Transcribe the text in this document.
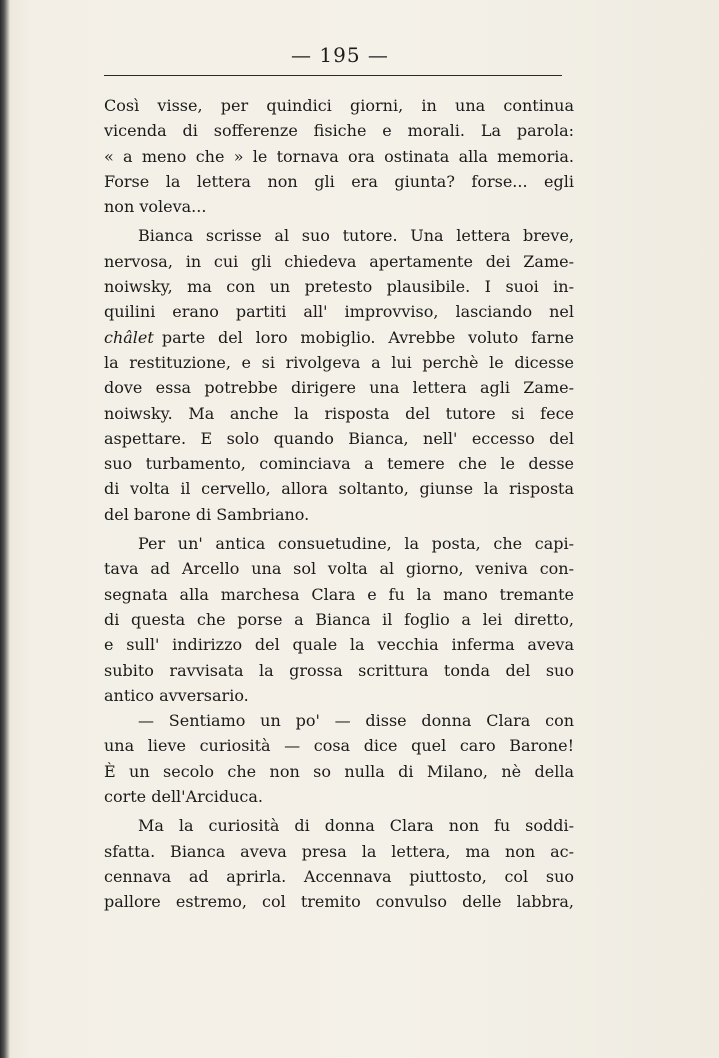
— 195 —
Così visse, per quindici giorni, in una continua
vicenda di sofferenze fisiche e morali. La parola:
« a meno che » le tornava ora ostinata alla memoria.
Forse la lettera non gli era giunta? forse... egli
non voleva...
Bianca scrisse al suo tutore. Una lettera breve,
nervosa, in cui gli chiedeva apertamente dei Zame-
noiwsky, ma con un pretesto plausibile. I suoi in-
quilini erano partiti all' improvviso, lasciando nel
châlet parte del loro mobiglio. Avrebbe voluto farne
la restituzione, e si rivolgeva a lui perchè le dicesse
dove essa potrebbe dirigere una lettera agli Zame-
noiwsky. Ma anche la risposta del tutore si fece
aspettare. E solo quando Bianca, nell' eccesso del
suo turbamento, cominciava a temere che le desse
di volta il cervello, allora soltanto, giunse la risposta
del barone di Sambriano.
Per un' antica consuetudine, la posta, che capi-
tava ad Arcello una sol volta al giorno, veniva con-
segnata alla marchesa Clara e fu la mano tremante
di questa che porse a Bianca il foglio a lei diretto,
e sull' indirizzo del quale la vecchia inferma aveva
subito ravvisata la grossa scrittura tonda del suo
antico avversario.
— Sentiamo un po' — disse donna Clara con
una lieve curiosità — cosa dice quel caro Barone!
È un secolo che non so nulla di Milano, nè della
corte dell'Arciduca.
Ma la curiosità di donna Clara non fu soddi-
sfatta. Bianca aveva presa la lettera, ma non ac-
cennava ad aprirla. Accennava piuttosto, col suo
pallore estremo, col tremito convulso delle labbra,
